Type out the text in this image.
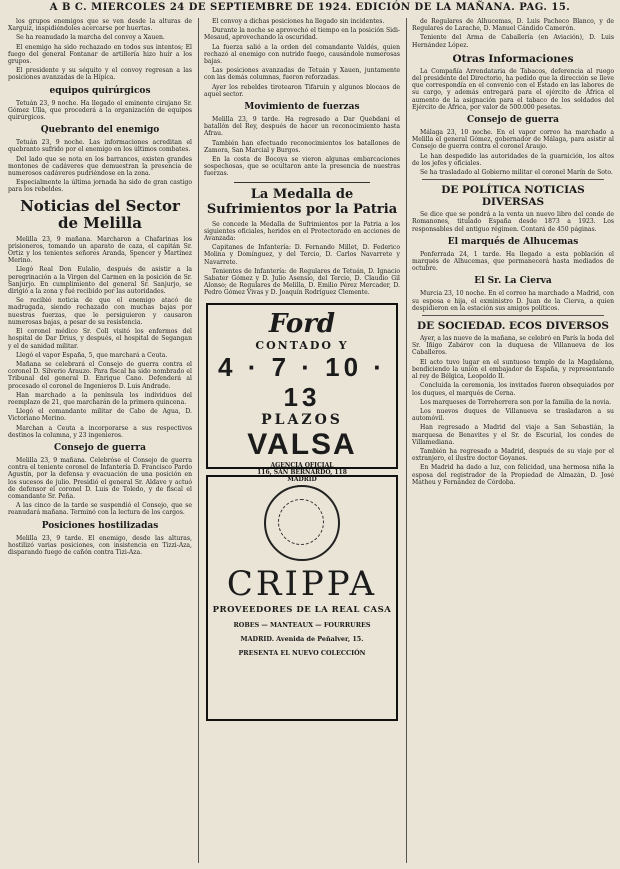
A B C. MIERCOLES 24 DE SEPTIEMBRE DE 1924. EDICIÓN DE LA MAÑANA. PAG. 15.

los grupos enemigos que se ven desde la alturas de Xarguiz, inspidiéndoles acercarse por huertas.

Se ha reanudado la marcha del convoy a Xauen.

El enemigo ha sido rechazado en todos sus intentos; El fuego del general Fontanar de artillería hizo huír a los grupos.

El presidente y su séquito y el convoy regresan a las posiciones avanzadas de la Hípica.

equipos quirúrgicos

Tetuán 23, 9 noche. Ha llegado el eminente cirujano Sr. Gómez Ulla, que procederá a la organización de equipos quirúrgicos.

Quebranto del enemigo

Tetuán 23, 9 noche. Las informaciones acreditan el quebranto sufrido por el enemigo en los últimos combates.

Del lado que se nota en los barrancos, existen grandes montones de cadáveres que demuestran la presencia de numerosos cadáveres pudriéndose en la zona.

Especialmente la última jornada ha sido de gran castigo para los rebeldes.

Noticias del Sector de Melilla

Melilla 23, 9 mañana. Marcharon a Chafarinas los prisioneros, tomando un aparato de caza, el capitán Sr. Ortiz y los tenientes señores Aranda, Spencer y Martínez Merino.

Llegó Real Don Eulalio, después de asistir a la peregrinación a la Virgen del Carmen en la posición de Sr. Sanjurjo. En cumplimiento del general Sr. Sanjurjo, se dirigió a la zona y fué recibido por las autoridades.

Se recibió noticia de que el enemigo atacó de madrugada, siendo rechazado con muchas bajas por nuestras fuerzas, que le persiguieron y causaron numerosas bajas, a pesar de su resistencia.

El coronel médico Sr. Coll visitó los enfermos del hospital de Dar Drius, y después, el hospital de Segangan y el de sanidad militar.

Llegó el vapor España, 5, que marchará a Ceuta.

Mañana se celebrará el Consejo de guerra contra el coronel D. Silverio Arauzo. Para fiscal ha sido nombrado el Tribunal del general D. Enrique Cano. Defenderá al procesado el coronel de Ingenieros D. Luis Andrade.

Han marchado a la península los individuos del reemplazo de 21, que marcharán de la primera quincena.

Llegó el comandante militar de Cabo de Agua, D. Victoriano Merino.

Marchan a Ceuta a incorporarse a sus respectivos destinos la columna, y 23 ingenieros.

Consejo de guerra

Melilla 23, 9 mañana. Celebróse el Consejo de guerra contra el teniente coronel de Infantería D. Francisco Pardo Agustín, por la defensa y evacuación de una posición en los sucesos de julio. Presidió el general Sr. Aldave y actuó de defensor el coronel D. Luis de Toledo, y de fiscal el comandante Sr. Peña.

A las cinco de la tarde se suspendió el Consejo, que se reanudará mañana. Terminó con la lectura de los cargos.

Posiciones hostilizadas

Melilla 23, 9 tarde. El enemigo, desde las alturas, hostilizó varias posiciones, con insistencia en Tizzi-Aza, disparando fuego de cañón contra Tizi-Aza.

El convoy a dichas posiciones ha llegado sin incidentes.

Durante la noche se aprovechó el tiempo en la posición Sidi-Mesaud, aprovechando la oscuridad.

La fuerza salió a la orden del comandante Valdés, quien rechazó al enemigo con nutrido fuego, causándole numerosas bajas.

Las posiciones avanzadas de Tetuán y Xauen, juntamente con las demás columnas, fueron reforzadas.

Ayer los rebeldes tirotearon Tifaruin y algunos blocaos de aquel sector.

Movimiento de fuerzas

Melilla 23, 9 tarde. Ha regresado a Dar Quebdani el batallón del Rey, después de hacer un reconocimiento hasta Afrau.

También han efectuado reconocimientos los batallones de Zamora, San Marcial y Burgos.

En la costa de Bocoya se vieron algunas embarcaciones sospechosas, que se ocultaron ante la presencia de nuestras fuerzas.

La Medalla de Sufrimientos por la Patria

Se concede la Medalla de Sufrimientos por la Patria a los siguientes oficiales, heridos en el Protectorado en acciones de Avanzada:

Capitanes de Infantería: D. Fernando Millet, D. Federico Molina y Domínguez, y del Tercio, D. Carlos Navarrete y Navarrete.

Tenientes de Infantería: de Regulares de Tetuán, D. Ignacio Sabater Gómez y D. Julio Asensio, del Tercio, D. Claudio Gil Alonso; de Regulares de Melilla, D. Emilio Pérez Mercader, D. Pedro Gómez Vivas y D. Joaquín Rodríguez Clemente.

Ford
CONTADO Y
4 · 7 · 10 · 13
PLAZOS
VALSA
AGENCIA OFICIAL
116, SAN BERNARDO, 118
MADRID
CRIPPA
PROVEEDORES DE LA REAL CASA
ROBES — MANTEAUX — FOURRURES
MADRID. Avenida de Peñalver, 15.
PRESENTA EL NUEVO COLECCIÓN

de Regulares de Alhucemas, D. Luis Pacheco Blanco, y de Regulares de Larache, D. Manuel Cándido Camerón.

Teniente del Arma de Caballería (en Aviación), D. Luis Hernández López.

Otras Informaciones

La Compañía Arrendataria de Tabacos, deferencia al ruego del presidente del Directorio, ha pedido que la dirección se lleve que correspondía en el convenio con el Estado en las labores de su cargo, y además entregará para el ejército de África el aumento de la asignación para el tabaco de los soldados del Ejército de África, por valor de 500.000 pesetas.

Consejo de guerra

Málaga 23, 10 noche. En el vapor correo ha marchado a Melilla el general Gómez, gobernador de Málaga, para asistir al Consejo de guerra contra el coronel Araujo.

Le han despedido las autoridades de la guarnición, los altos de los jefes y oficiales.

Se ha trasladado al Gobierno militar el coronel Marín de Soto.

DE POLÍTICA NOTICIAS DIVERSAS

Se dice que se pondrá a la venta un nuevo libro del conde de Romanones, titulado España desde 1873 a 1923. Los responsables del antiguo régimen. Contará de 450 páginas.

El marqués de Alhucemas

Ponferrada 24, 1 tarde. Ha llegado a esta población el marqués de Alhucemas, que permanecerá hasta mediados de octubre.

El Sr. La Cierva

Murcia 23, 10 noche. En el correo ha marchado a Madrid, con su esposa e hija, el exministro D. Juan de la Cierva, a quien despidieron en la estación sus amigos políticos.

DE SOCIEDAD. ECOS DIVERSOS

Ayer, a las nueve de la mañana, se celebró en París la boda del Sr. Iñigo Zabárov con la duquesa de Villanueva de los Caballeros.

El acto tuvo lugar en el suntuoso templo de la Magdalena, bendiciendo la unión el embajador de España, y representando al rey de Bélgica, Leopoldo II.

Concluida la ceremonia, los invitados fueron obsequiados por los duques, el marqués de Cerna.

Los marqueses de Torreherrera son por la familia de la novia.

Los nuevos duques de Villanueva se trasladaron a su automóvil.

Han regresado a Madrid del viaje a San Sebastián, la marquesa de Benavites y el Sr. de Escurial, los condes de Villamediana.

También ha regresado a Madrid, después de su viaje por el extranjero, el ilustre doctor Goyanes.

En Madrid ha dado a luz, con felicidad, una hermosa niña la esposa del registrador de la Propiedad de Almazán, D. José Matheu y Fernández de Córdoba.
